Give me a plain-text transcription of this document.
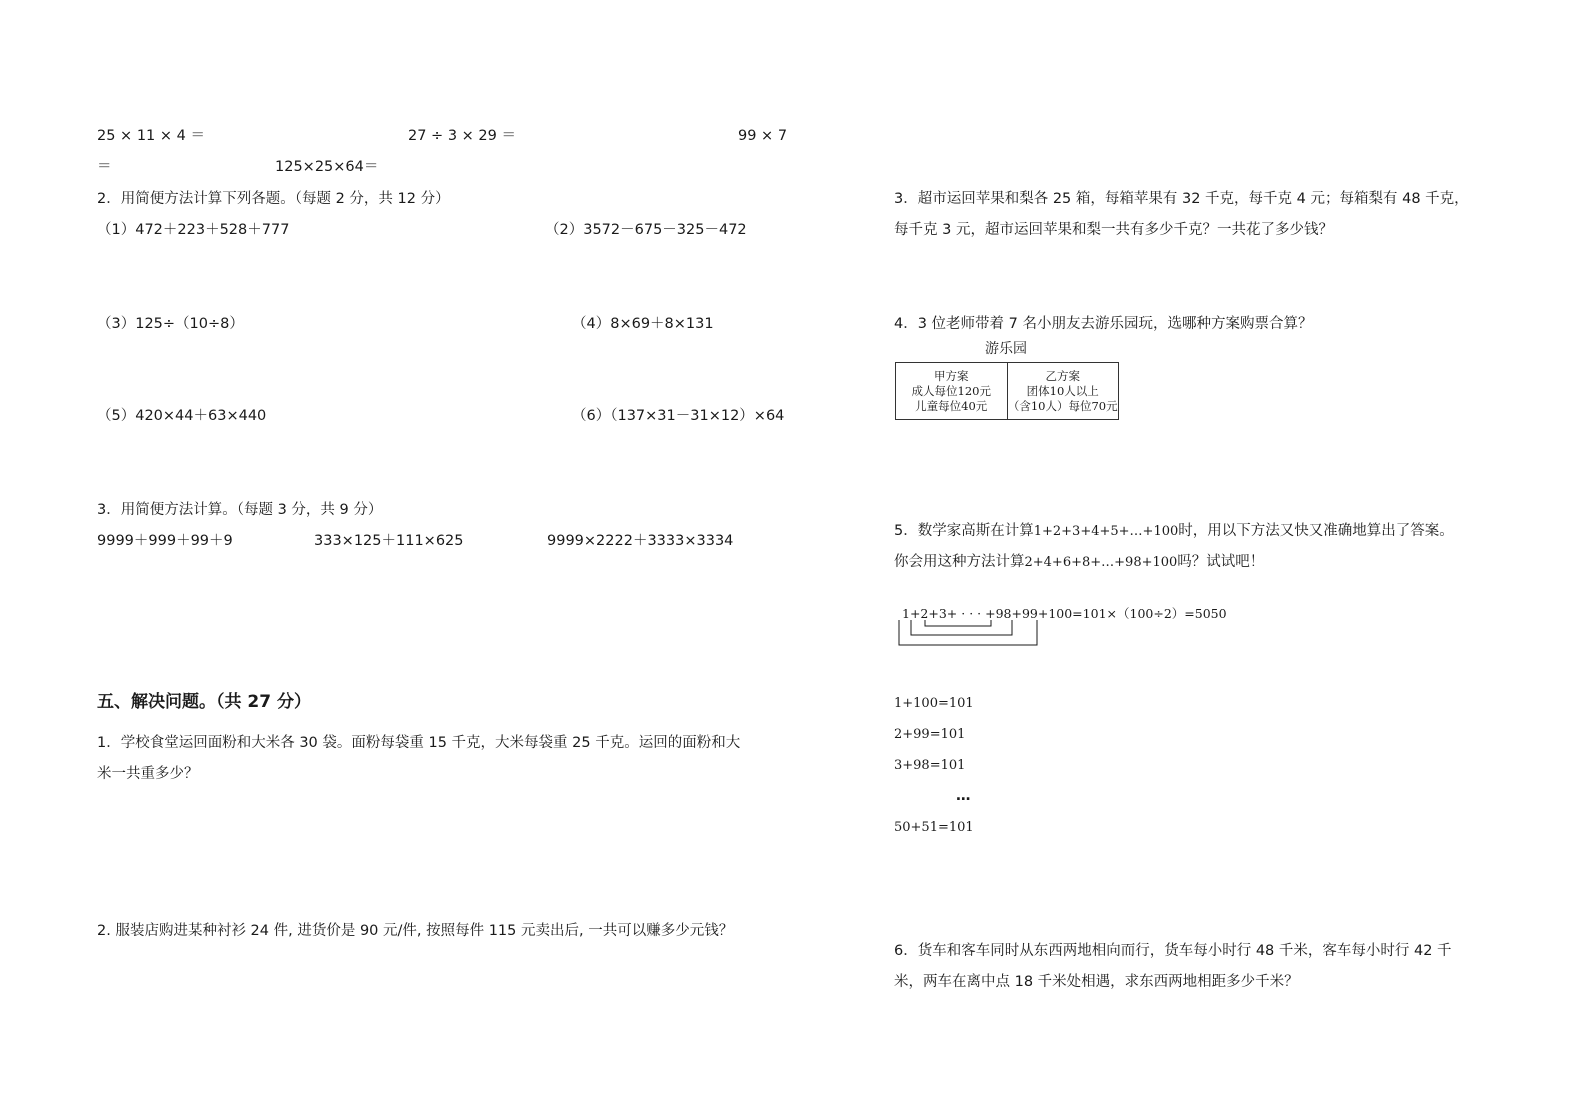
25 × 11 × 4 ＝	27 ÷ 3 × 29 ＝	99 × 7
＝	125×25×64＝
2．用简便方法计算下列各题。（每题 2 分，共 12 分）
（1）472＋223＋528＋777	（2）3572－675－325－472
（3）125÷（10÷8）	（4）8×69＋8×131
（5）420×44＋63×440	（6）（137×31－31×12）×64
3．用简便方法计算。（每题 3 分，共 9 分）
9999＋999＋99＋9	333×125＋111×625	9999×2222＋3333×3334
五、解决问题。（共 27 分）
1．学校食堂运回面粉和大米各 30 袋。面粉每袋重 15 千克，大米每袋重 25 千克。运回的面粉和大
米一共重多少？
2. 服装店购进某种衬衫 24 件, 进货价是 90 元/件, 按照每件 115 元卖出后, 一共可以赚多少元钱？
3．超市运回苹果和梨各 25 箱，每箱苹果有 32 千克，每千克 4 元；每箱梨有 48 千克，
每千克 3 元，超市运回苹果和梨一共有多少千克？一共花了多少钱？
4．3 位老师带着 7 名小朋友去游乐园玩，选哪种方案购票合算？
游乐园
甲方案
成人每位120元
儿童每位40元
乙方案
团体10人以上
（含10人）每位70元
5．数学家高斯在计算1+2+3+4+5+…+100时，用以下方法又快又准确地算出了答案。
你会用这种方法计算2+4+6+8+…+98+100吗？试试吧！
1+2+3+ · · · +98+99+100=101×（100÷2）=5050
1+100=101
2+99=101
3+98=101
…
50+51=101
6．货车和客车同时从东西两地相向而行，货车每小时行 48 千米，客车每小时行 42 千
米，两车在离中点 18 千米处相遇，求东西两地相距多少千米？
